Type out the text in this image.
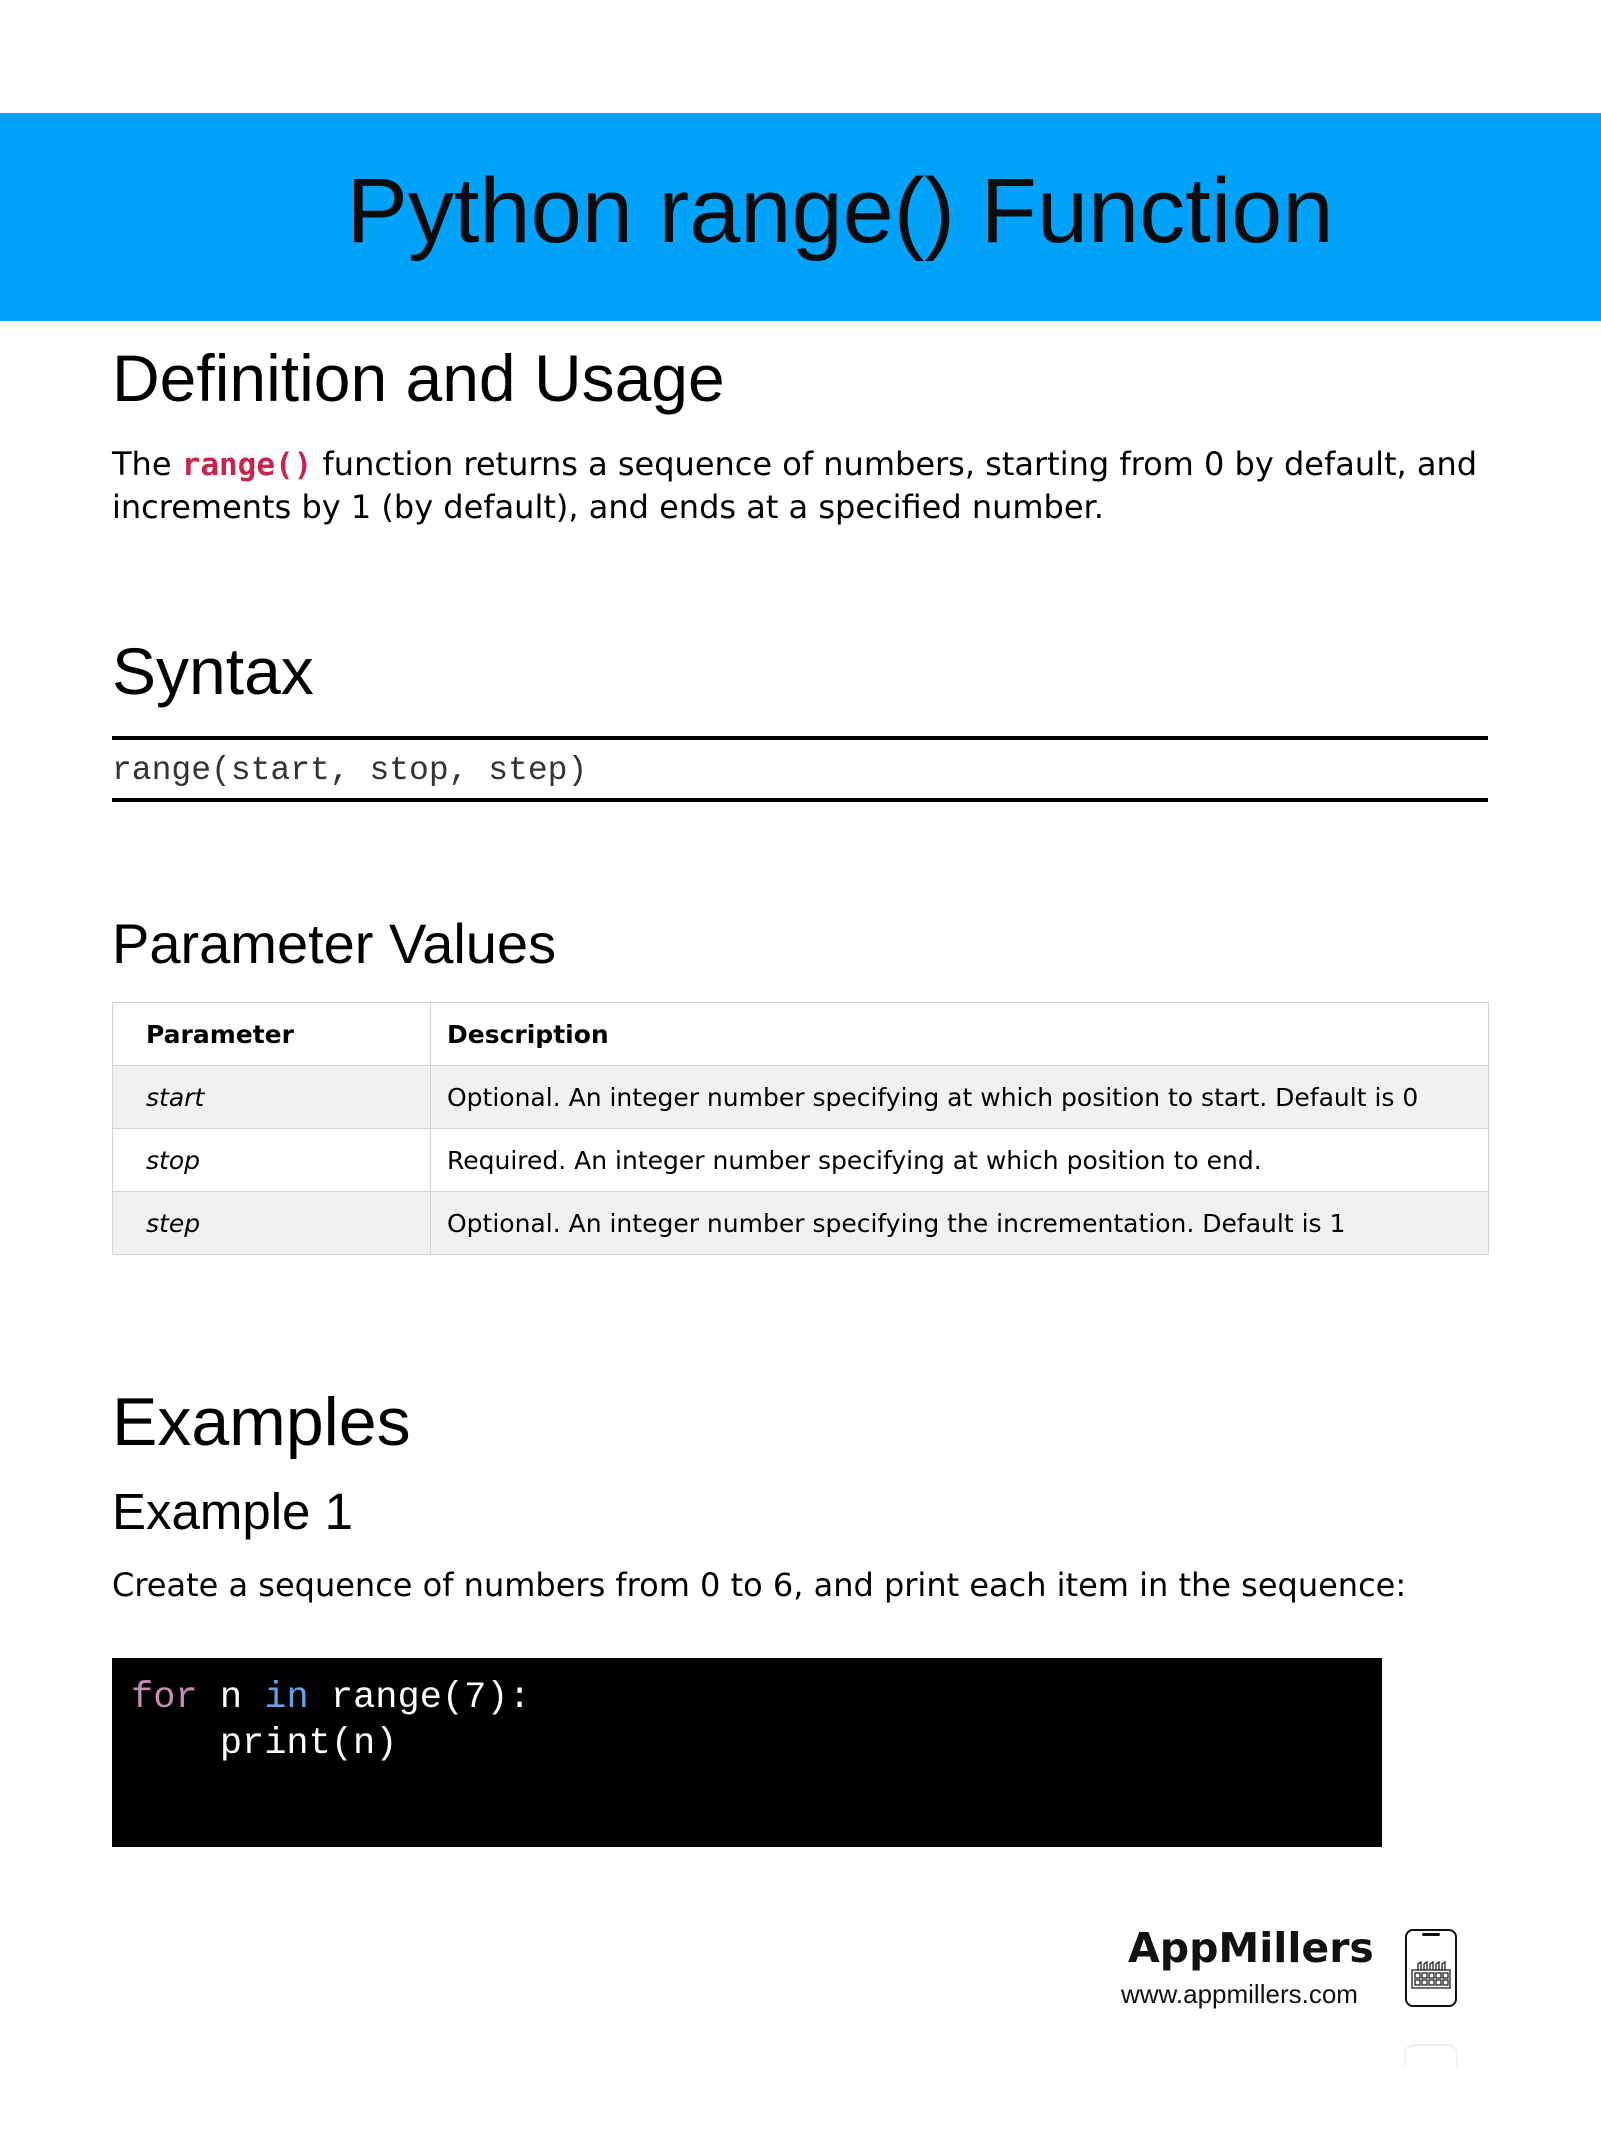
Python range() Function
Definition and Usage

The range() function returns a sequence of numbers, starting from 0 by default, and increments by 1 (by default), and ends at a specified number.

Syntax
range(start, stop, step)
Parameter Values
Parameter	Description
start	Optional. An integer number specifying at which position to start. Default is 0
stop	Required. An integer number specifying at which position to end.
step	Optional. An integer number specifying the incrementation. Default is 1
Examples
Example 1

Create a sequence of numbers from 0 to 6, and print each item in the sequence:

for n in range(7):
print(n)
AppMillers
www.appmillers.com
